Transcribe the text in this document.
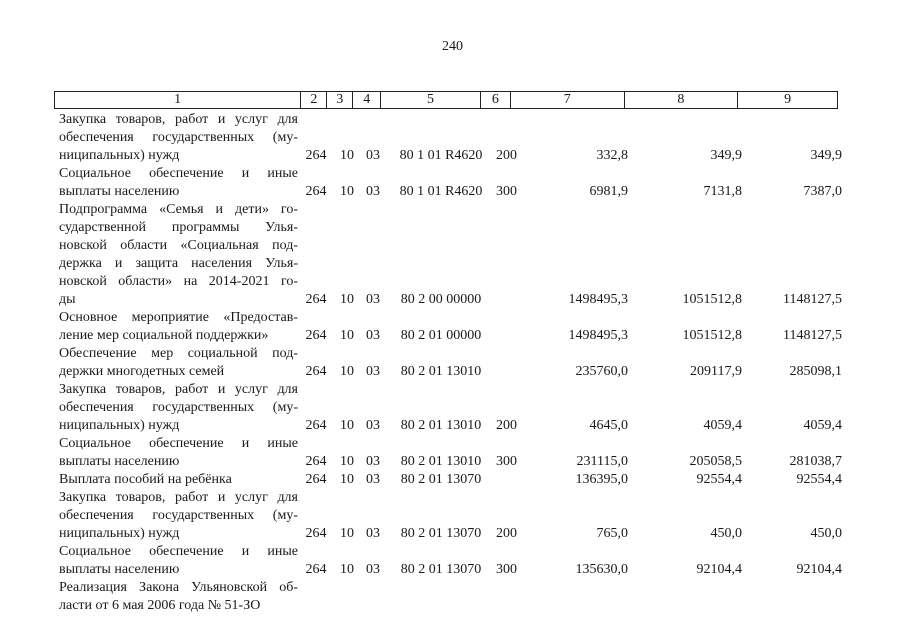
240
1	2	3	4	5	6	7	8	9
Закупка товаров, работ и услуг для
обеспечения государственных (му-
ниципальных) нужд	264 10 03	80 1 01 R4620 200	332,8	349,9	349,9
Социальное обеспечение и иные
выплаты населению	264 10 03	80 1 01 R4620 300	6981,9	7131,8	7387,0
Подпрограмма «Семья и дети» го-
сударственной программы Улья-
новской области «Социальная под-
держка и защита населения Улья-
новской области» на 2014-2021 го-
ды	264 10 03	80 2 00 00000	1498495,3	1051512,8	1148127,5
Основное мероприятие «Предостав-
ление мер социальной поддержки»	264 10 03	80 2 01 00000	1498495,3	1051512,8	1148127,5
Обеспечение мер социальной под-
держки многодетных семей	264 10 03	80 2 01 13010	235760,0	209117,9	285098,1
Закупка товаров, работ и услуг для
обеспечения государственных (му-
ниципальных) нужд	264 10 03	80 2 01 13010	200	4645,0	4059,4	4059,4
Социальное обеспечение и иные
выплаты населению	264 10 03	80 2 01 13010	300	231115,0	205058,5	281038,7
Выплата пособий на ребёнка	264 10 03	80 2 01 13070	136395,0	92554,4	92554,4
Закупка товаров, работ и услуг для
обеспечения государственных (му-
ниципальных) нужд	264 10 03	80 2 01 13070	200	765,0	450,0	450,0
Социальное обеспечение и иные
выплаты населению	264 10 03	80 2 01 13070	300	135630,0	92104,4	92104,4
Реализация Закона Ульяновской об-
ласти от 6 мая 2006 года № 51-ЗО
